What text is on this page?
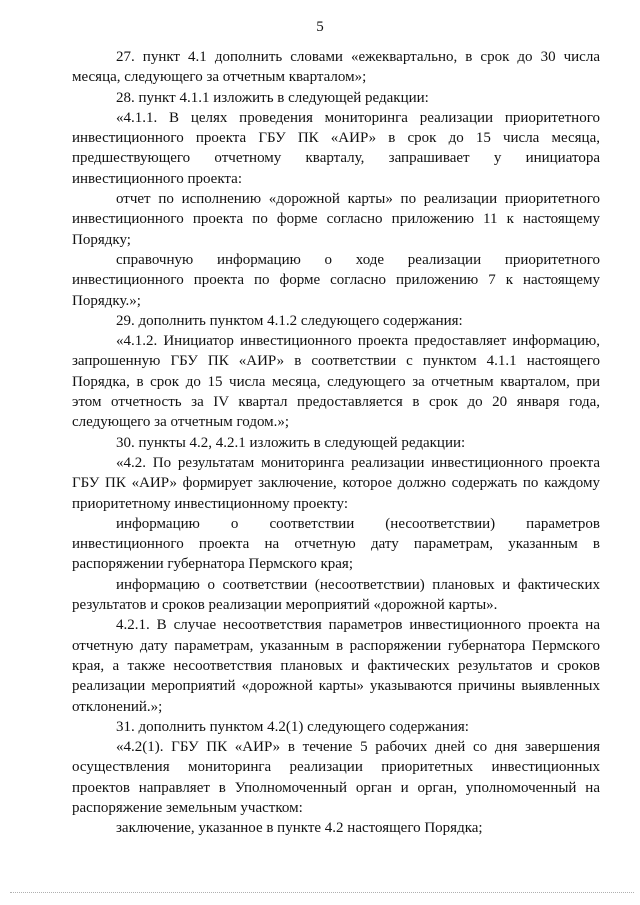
5

27. пункт 4.1 дополнить словами «ежеквартально, в срок до 30 числа месяца, следующего за отчетным кварталом»;

28. пункт 4.1.1 изложить в следующей редакции:

«4.1.1. В целях проведения мониторинга реализации приоритетного инвестиционного проекта ГБУ ПК «АИР» в срок до 15 числа месяца, предшествующего отчетному кварталу, запрашивает у инициатора инвестиционного проекта:

отчет по исполнению «дорожной карты» по реализации приоритетного инвестиционного проекта по форме согласно приложению 11 к настоящему Порядку;

справочную информацию о ходе реализации приоритетного инвестиционного проекта по форме согласно приложению 7 к настоящему Порядку.»;

29. дополнить пунктом 4.1.2 следующего содержания:

«4.1.2. Инициатор инвестиционного проекта предоставляет информацию, запрошенную ГБУ ПК «АИР» в соответствии с пунктом 4.1.1 настоящего Порядка, в срок до 15 числа месяца, следующего за отчетным кварталом, при этом отчетность за IV квартал предоставляется в срок до 20 января года, следующего за отчетным годом.»;

30. пункты 4.2, 4.2.1 изложить в следующей редакции:

«4.2. По результатам мониторинга реализации инвестиционного проекта ГБУ ПК «АИР» формирует заключение, которое должно содержать по каждому приоритетному инвестиционному проекту:

информацию о соответствии (несоответствии) параметров инвестиционного проекта на отчетную дату параметрам, указанным в распоряжении губернатора Пермского края;

информацию о соответствии (несоответствии) плановых и фактических результатов и сроков реализации мероприятий «дорожной карты».

4.2.1. В случае несоответствия параметров инвестиционного проекта на отчетную дату параметрам, указанным в распоряжении губернатора Пермского края, а также несоответствия плановых и фактических результатов и сроков реализации мероприятий «дорожной карты» указываются причины выявленных отклонений.»;

31. дополнить пунктом 4.2(1) следующего содержания:

«4.2(1). ГБУ ПК «АИР» в течение 5 рабочих дней со дня завершения осуществления мониторинга реализации приоритетных инвестиционных проектов направляет в Уполномоченный орган и орган, уполномоченный на распоряжение земельным участком:

заключение, указанное в пункте 4.2 настоящего Порядка;
